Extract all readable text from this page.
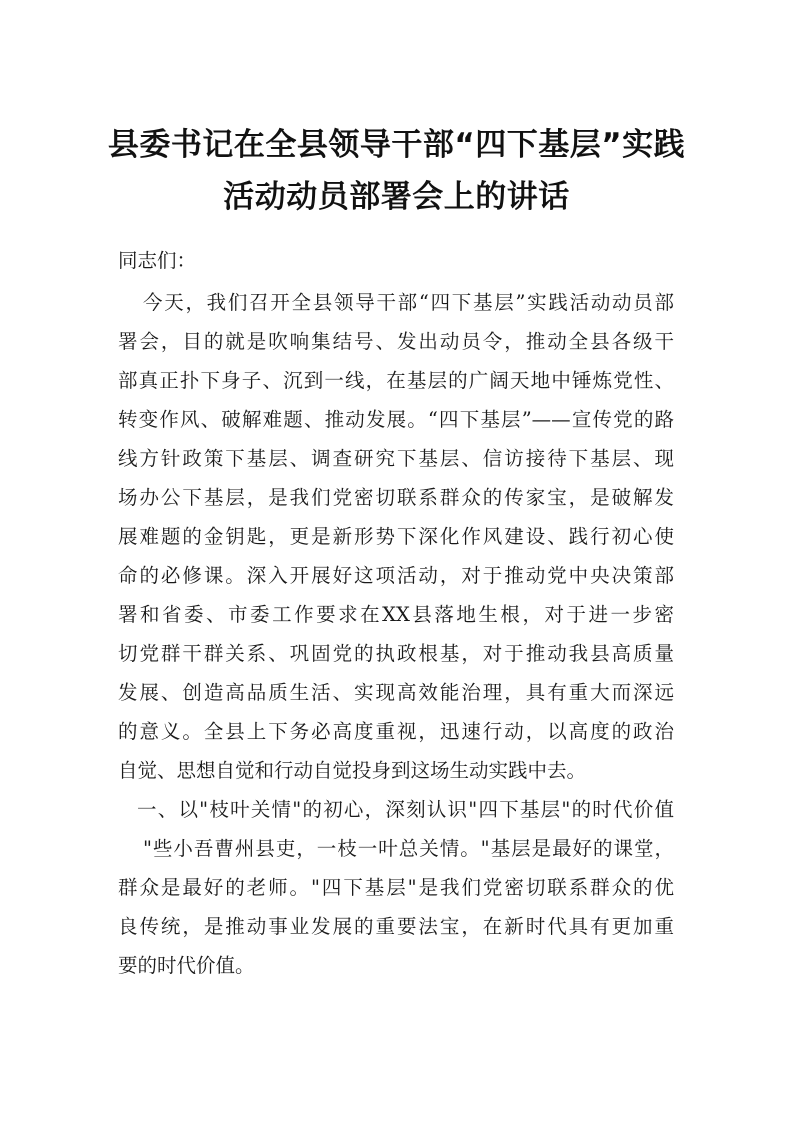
县委书记在全县领导干部“四下基层”实践
活动动员部署会上的讲话
同志们：
今天，我们召开全县领导干部“四下基层”实践活动动员部
署会，目的就是吹响集结号、发出动员令，推动全县各级干
部真正扑下身子、沉到一线，在基层的广阔天地中锤炼党性、
转变作风、破解难题、推动发展。“四下基层”——宣传党的路
线方针政策下基层、调查研究下基层、信访接待下基层、现
场办公下基层，是我们党密切联系群众的传家宝，是破解发
展难题的金钥匙，更是新形势下深化作风建设、践行初心使
命的必修课。深入开展好这项活动，对于推动党中央决策部
署和省委、市委工作要求在XX县落地生根，对于进一步密
切党群干群关系、巩固党的执政根基，对于推动我县高质量
发展、创造高品质生活、实现高效能治理，具有重大而深远
的意义。全县上下务必高度重视，迅速行动，以高度的政治
自觉、思想自觉和行动自觉投身到这场生动实践中去。
一、以"枝叶关情"的初心，深刻认识"四下基层"的时代价值
"些小吾曹州县吏，一枝一叶总关情。"基层是最好的课堂，
群众是最好的老师。"四下基层"是我们党密切联系群众的优
良传统，是推动事业发展的重要法宝，在新时代具有更加重
要的时代价值。
